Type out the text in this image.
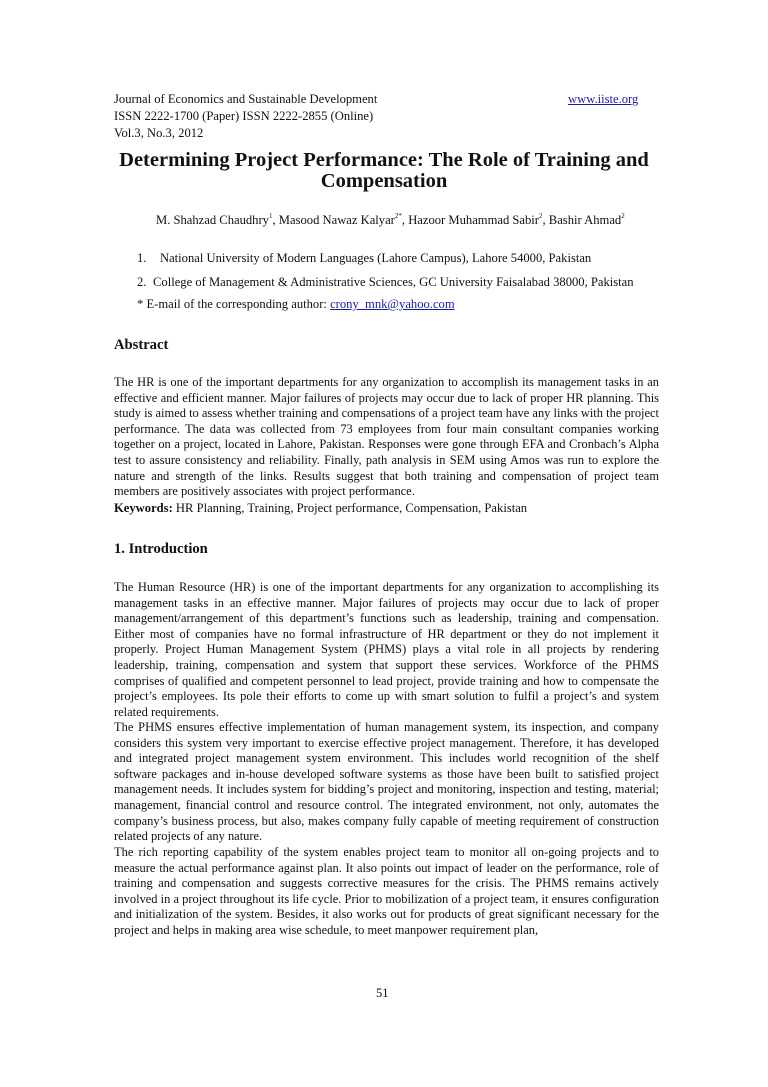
Journal of Economics and Sustainable Development	www.iiste.org
ISSN 2222-1700 (Paper) ISSN 2222-2855 (Online)
Vol.3, No.3, 2012
Determining Project Performance: The Role of Training and Compensation
M. Shahzad Chaudhry$^1$, Masood Nawaz Kalyar$^{2*}$, Hazoor Muhammad Sabir$^2$, Bashir Ahmad$^2$
1. National University of Modern Languages (Lahore Campus), Lahore 54000, Pakistan
2. College of Management & Administrative Sciences, GC University Faisalabad 38000, Pakistan
* E-mail of the corresponding author: crony_mnk@yahoo.com
Abstract
The HR is one of the important departments for any organization to accomplish its management tasks in an effective and efficient manner. Major failures of projects may occur due to lack of proper HR planning. This study is aimed to assess whether training and compensations of a project team have any links with the project performance. The data was collected from 73 employees from four main consultant companies working together on a project, located in Lahore, Pakistan. Responses were gone through EFA and Cronbach’s Alpha test to assure consistency and reliability. Finally, path analysis in SEM using Amos was run to explore the nature and strength of the links. Results suggest that both training and compensation of project team members are positively associates with project performance.
Keywords: HR Planning, Training, Project performance, Compensation, Pakistan
1. Introduction
The Human Resource (HR) is one of the important departments for any organization to accomplishing its management tasks in an effective manner. Major failures of projects may occur due to lack of proper management/arrangement of this department’s functions such as leadership, training and compensation. Either most of companies have no formal infrastructure of HR department or they do not implement it properly. Project Human Management System (PHMS) plays a vital role in all projects by rendering leadership, training, compensation and system that support these services. Workforce of the PHMS comprises of qualified and competent personnel to lead project, provide training and how to compensate the project’s employees. Its pole their efforts to come up with smart solution to fulfil a project’s and system related requirements.
The PHMS ensures effective implementation of human management system, its inspection, and company considers this system very important to exercise effective project management. Therefore, it has developed and integrated project management system environment. This includes world recognition of the shelf software packages and in-house developed software systems as those have been built to satisfied project management needs. It includes system for bidding’s project and monitoring, inspection and testing, material; management, financial control and resource control. The integrated environment, not only, automates the company’s business process, but also, makes company fully capable of meeting requirement of construction related projects of any nature.
The rich reporting capability of the system enables project team to monitor all on-going projects and to measure the actual performance against plan. It also points out impact of leader on the performance, role of training and compensation and suggests corrective measures for the crisis. The PHMS remains actively involved in a project throughout its life cycle. Prior to mobilization of a project team, it ensures configuration and initialization of the system. Besides, it also works out for products of great significant necessary for the project and helps in making area wise schedule, to meet manpower requirement plan,
51
